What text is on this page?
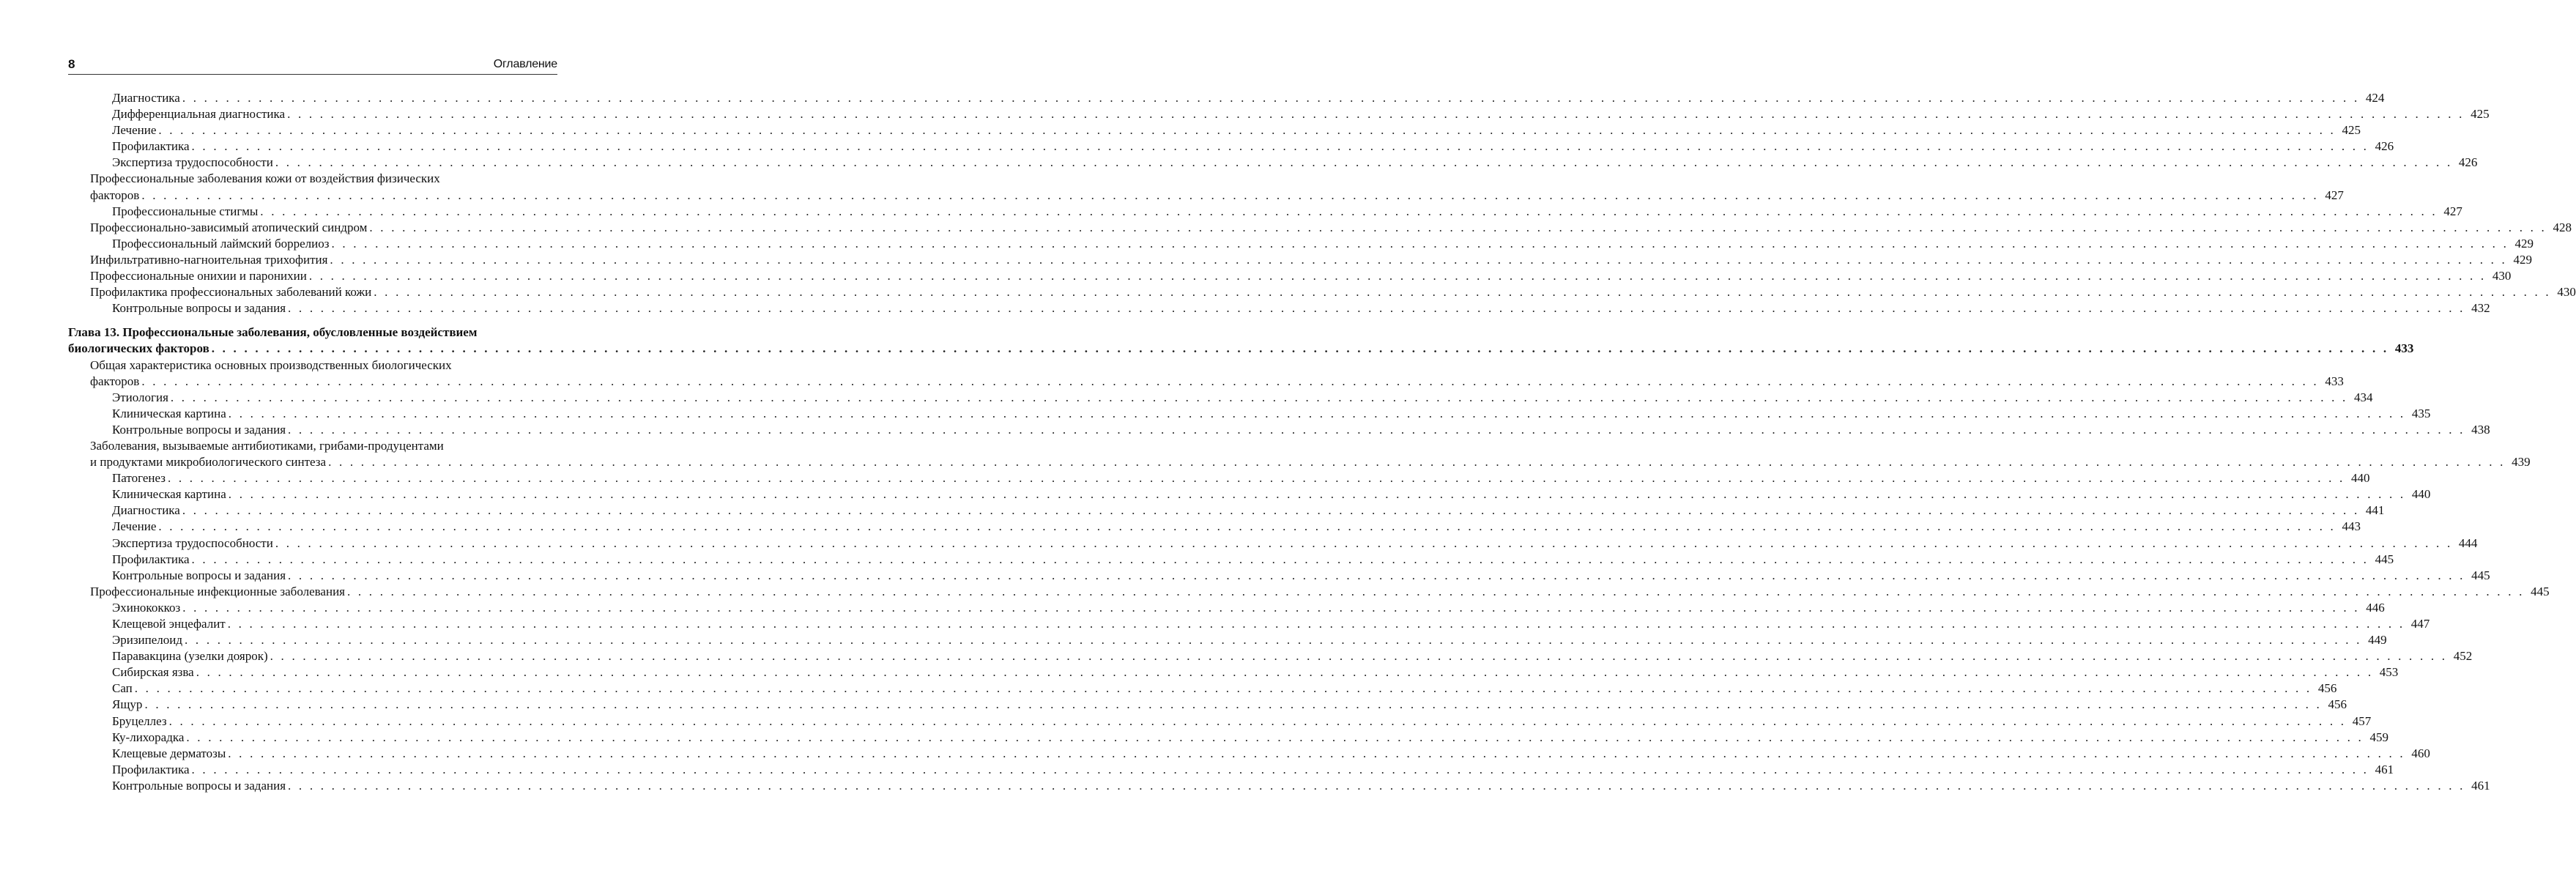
8	Оглавление
Диагностика . . . . . . . . . . . . . . . . . . . . . . . . . . . . . . . . . . . . . . . . . . . . . . . . . . . . . . . . . . . . . . . . . . . . . . . . . . . . . . . . . . . . . . . . . . . . . . . . . . . . . . . . . . . . . . . . . . . . . . . . . . . . . . . . . . . . . . . . . . . . . . . . . . . . . . . . . . . . . . . . . . . . . . . . . . . . . . . . . . . . . . . . . . . . . . . . . . . . . . . . 424
Дифференциальная диагностика . . . . . . . . . . . . . . . . . . . . . . . . . . . . . . . . . . . . . . . . . . . . . . . . . . . . . . . . . . . . . . . . . . . . . . . . . . . . . . . . . . . . . . . . . . . . . . . . . . . . . . . . . . . . . . . . . . . . . . . . . . . . . . . . . . . . . . . . . . . . . . . . . . . . . . . . . . . . . . . . . . . . . . . . . . . . . . . . . . . . . . . . . . . . . . . . . . . . . . . . 425
Лечение . . . . . . . . . . . . . . . . . . . . . . . . . . . . . . . . . . . . . . . . . . . . . . . . . . . . . . . . . . . . . . . . . . . . . . . . . . . . . . . . . . . . . . . . . . . . . . . . . . . . . . . . . . . . . . . . . . . . . . . . . . . . . . . . . . . . . . . . . . . . . . . . . . . . . . . . . . . . . . . . . . . . . . . . . . . . . . . . . . . . . . . . . . . . . . . . . . . . . . . . 425
Профилактика . . . . . . . . . . . . . . . . . . . . . . . . . . . . . . . . . . . . . . . . . . . . . . . . . . . . . . . . . . . . . . . . . . . . . . . . . . . . . . . . . . . . . . . . . . . . . . . . . . . . . . . . . . . . . . . . . . . . . . . . . . . . . . . . . . . . . . . . . . . . . . . . . . . . . . . . . . . . . . . . . . . . . . . . . . . . . . . . . . . . . . . . . . . . . . . . . . . . . . . . 426
Экспертиза трудоспособности . . . . . . . . . . . . . . . . . . . . . . . . . . . . . . . . . . . . . . . . . . . . . . . . . . . . . . . . . . . . . . . . . . . . . . . . . . . . . . . . . . . . . . . . . . . . . . . . . . . . . . . . . . . . . . . . . . . . . . . . . . . . . . . . . . . . . . . . . . . . . . . . . . . . . . . . . . . . . . . . . . . . . . . . . . . . . . . . . . . . . . . . . . . . . . . . . . . . . . . . 426
Профессиональные заболевания кожи от воздействия физических
факторов . . . . . . . . . . . . . . . . . . . . . . . . . . . . . . . . . . . . . . . . . . . . . . . . . . . . . . . . . . . . . . . . . . . . . . . . . . . . . . . . . . . . . . . . . . . . . . . . . . . . . . . . . . . . . . . . . . . . . . . . . . . . . . . . . . . . . . . . . . . . . . . . . . . . . . . . . . . . . . . . . . . . . . . . . . . . . . . . . . . . . . . . . . . . . . . . . . . . . . . . 427
Профессиональные стигмы . . . . . . . . . . . . . . . . . . . . . . . . . . . . . . . . . . . . . . . . . . . . . . . . . . . . . . . . . . . . . . . . . . . . . . . . . . . . . . . . . . . . . . . . . . . . . . . . . . . . . . . . . . . . . . . . . . . . . . . . . . . . . . . . . . . . . . . . . . . . . . . . . . . . . . . . . . . . . . . . . . . . . . . . . . . . . . . . . . . . . . . . . . . . . . . . . . . . . . . . 427
Профессионально-зависимый атопический синдром . . . . . . . . . . . . . . . . . . . . . . . . . . . . . . . . . . . . . . . . . . . . . . . . . . . . . . . . . . . . . . . . . . . . . . . . . . . . . . . . . . . . . . . . . . . . . . . . . . . . . . . . . . . . . . . . . . . . . . . . . . . . . . . . . . . . . . . . . . . . . . . . . . . . . . . . . . . . . . . . . . . . . . . . . . . . . . . . . . . . . . . . . . . . . . . . . . . . . . . . 428
Профессиональный лаймский боррелиоз . . . . . . . . . . . . . . . . . . . . . . . . . . . . . . . . . . . . . . . . . . . . . . . . . . . . . . . . . . . . . . . . . . . . . . . . . . . . . . . . . . . . . . . . . . . . . . . . . . . . . . . . . . . . . . . . . . . . . . . . . . . . . . . . . . . . . . . . . . . . . . . . . . . . . . . . . . . . . . . . . . . . . . . . . . . . . . . . . . . . . . . . . . . . . . . . . . . . . . . . 429
Инфильтративно-нагноительная трихофития . . . . . . . . . . . . . . . . . . . . . . . . . . . . . . . . . . . . . . . . . . . . . . . . . . . . . . . . . . . . . . . . . . . . . . . . . . . . . . . . . . . . . . . . . . . . . . . . . . . . . . . . . . . . . . . . . . . . . . . . . . . . . . . . . . . . . . . . . . . . . . . . . . . . . . . . . . . . . . . . . . . . . . . . . . . . . . . . . . . . . . . . . . . . . . . . . . . . . . . . 429
Профессиональные онихии и паронихии . . . . . . . . . . . . . . . . . . . . . . . . . . . . . . . . . . . . . . . . . . . . . . . . . . . . . . . . . . . . . . . . . . . . . . . . . . . . . . . . . . . . . . . . . . . . . . . . . . . . . . . . . . . . . . . . . . . . . . . . . . . . . . . . . . . . . . . . . . . . . . . . . . . . . . . . . . . . . . . . . . . . . . . . . . . . . . . . . . . . . . . . . . . . . . . . . . . . . . . . 430
Профилактика профессиональных заболеваний кожи . . . . . . . . . . . . . . . . . . . . . . . . . . . . . . . . . . . . . . . . . . . . . . . . . . . . . . . . . . . . . . . . . . . . . . . . . . . . . . . . . . . . . . . . . . . . . . . . . . . . . . . . . . . . . . . . . . . . . . . . . . . . . . . . . . . . . . . . . . . . . . . . . . . . . . . . . . . . . . . . . . . . . . . . . . . . . . . . . . . . . . . . . . . . . . . . . . . . . . . . 430
Контрольные вопросы и задания . . . . . . . . . . . . . . . . . . . . . . . . . . . . . . . . . . . . . . . . . . . . . . . . . . . . . . . . . . . . . . . . . . . . . . . . . . . . . . . . . . . . . . . . . . . . . . . . . . . . . . . . . . . . . . . . . . . . . . . . . . . . . . . . . . . . . . . . . . . . . . . . . . . . . . . . . . . . . . . . . . . . . . . . . . . . . . . . . . . . . . . . . . . . . . . . . . . . . . . . 432
Глава 13. Профессиональные заболевания, обусловленные воздействием
биологических факторов . . . . . . . . . . . . . . . . . . . . . . . . . . . . . . . . . . . . . . . . . . . . . . . . . . . . . . . . . . . . . . . . . . . . . . . . . . . . . . . . . . . . . . . . . . . . . . . . . . . . . . . . . . . . . . . . . . . . . . . . . . . . . . . . . . . . . . . . . . . . . . . . . . . . . . . . . . . . . . . . . . . . . . . . . . . . . . . . . . . . . . . . . . . . . . . . . . . . . . . . 433
Общая характеристика основных производственных биологических
факторов . . . . . . . . . . . . . . . . . . . . . . . . . . . . . . . . . . . . . . . . . . . . . . . . . . . . . . . . . . . . . . . . . . . . . . . . . . . . . . . . . . . . . . . . . . . . . . . . . . . . . . . . . . . . . . . . . . . . . . . . . . . . . . . . . . . . . . . . . . . . . . . . . . . . . . . . . . . . . . . . . . . . . . . . . . . . . . . . . . . . . . . . . . . . . . . . . . . . . . . . 433
Этиология . . . . . . . . . . . . . . . . . . . . . . . . . . . . . . . . . . . . . . . . . . . . . . . . . . . . . . . . . . . . . . . . . . . . . . . . . . . . . . . . . . . . . . . . . . . . . . . . . . . . . . . . . . . . . . . . . . . . . . . . . . . . . . . . . . . . . . . . . . . . . . . . . . . . . . . . . . . . . . . . . . . . . . . . . . . . . . . . . . . . . . . . . . . . . . . . . . . . . . . . 434
Клиническая картина . . . . . . . . . . . . . . . . . . . . . . . . . . . . . . . . . . . . . . . . . . . . . . . . . . . . . . . . . . . . . . . . . . . . . . . . . . . . . . . . . . . . . . . . . . . . . . . . . . . . . . . . . . . . . . . . . . . . . . . . . . . . . . . . . . . . . . . . . . . . . . . . . . . . . . . . . . . . . . . . . . . . . . . . . . . . . . . . . . . . . . . . . . . . . . . . . . . . . . . . 435
Контрольные вопросы и задания . . . . . . . . . . . . . . . . . . . . . . . . . . . . . . . . . . . . . . . . . . . . . . . . . . . . . . . . . . . . . . . . . . . . . . . . . . . . . . . . . . . . . . . . . . . . . . . . . . . . . . . . . . . . . . . . . . . . . . . . . . . . . . . . . . . . . . . . . . . . . . . . . . . . . . . . . . . . . . . . . . . . . . . . . . . . . . . . . . . . . . . . . . . . . . . . . . . . . . . . 438
Заболевания, вызываемые антибиотиками, грибами-продуцентами
и продуктами микробиологического синтеза . . . . . . . . . . . . . . . . . . . . . . . . . . . . . . . . . . . . . . . . . . . . . . . . . . . . . . . . . . . . . . . . . . . . . . . . . . . . . . . . . . . . . . . . . . . . . . . . . . . . . . . . . . . . . . . . . . . . . . . . . . . . . . . . . . . . . . . . . . . . . . . . . . . . . . . . . . . . . . . . . . . . . . . . . . . . . . . . . . . . . . . . . . . . . . . . . . . . . . . . 439
Патогенез . . . . . . . . . . . . . . . . . . . . . . . . . . . . . . . . . . . . . . . . . . . . . . . . . . . . . . . . . . . . . . . . . . . . . . . . . . . . . . . . . . . . . . . . . . . . . . . . . . . . . . . . . . . . . . . . . . . . . . . . . . . . . . . . . . . . . . . . . . . . . . . . . . . . . . . . . . . . . . . . . . . . . . . . . . . . . . . . . . . . . . . . . . . . . . . . . . . . . . . . 440
Клиническая картина . . . . . . . . . . . . . . . . . . . . . . . . . . . . . . . . . . . . . . . . . . . . . . . . . . . . . . . . . . . . . . . . . . . . . . . . . . . . . . . . . . . . . . . . . . . . . . . . . . . . . . . . . . . . . . . . . . . . . . . . . . . . . . . . . . . . . . . . . . . . . . . . . . . . . . . . . . . . . . . . . . . . . . . . . . . . . . . . . . . . . . . . . . . . . . . . . . . . . . . . 440
Диагностика . . . . . . . . . . . . . . . . . . . . . . . . . . . . . . . . . . . . . . . . . . . . . . . . . . . . . . . . . . . . . . . . . . . . . . . . . . . . . . . . . . . . . . . . . . . . . . . . . . . . . . . . . . . . . . . . . . . . . . . . . . . . . . . . . . . . . . . . . . . . . . . . . . . . . . . . . . . . . . . . . . . . . . . . . . . . . . . . . . . . . . . . . . . . . . . . . . . . . . . . 441
Лечение . . . . . . . . . . . . . . . . . . . . . . . . . . . . . . . . . . . . . . . . . . . . . . . . . . . . . . . . . . . . . . . . . . . . . . . . . . . . . . . . . . . . . . . . . . . . . . . . . . . . . . . . . . . . . . . . . . . . . . . . . . . . . . . . . . . . . . . . . . . . . . . . . . . . . . . . . . . . . . . . . . . . . . . . . . . . . . . . . . . . . . . . . . . . . . . . . . . . . . . . 443
Экспертиза трудоспособности . . . . . . . . . . . . . . . . . . . . . . . . . . . . . . . . . . . . . . . . . . . . . . . . . . . . . . . . . . . . . . . . . . . . . . . . . . . . . . . . . . . . . . . . . . . . . . . . . . . . . . . . . . . . . . . . . . . . . . . . . . . . . . . . . . . . . . . . . . . . . . . . . . . . . . . . . . . . . . . . . . . . . . . . . . . . . . . . . . . . . . . . . . . . . . . . . . . . . . . . 444
Профилактика . . . . . . . . . . . . . . . . . . . . . . . . . . . . . . . . . . . . . . . . . . . . . . . . . . . . . . . . . . . . . . . . . . . . . . . . . . . . . . . . . . . . . . . . . . . . . . . . . . . . . . . . . . . . . . . . . . . . . . . . . . . . . . . . . . . . . . . . . . . . . . . . . . . . . . . . . . . . . . . . . . . . . . . . . . . . . . . . . . . . . . . . . . . . . . . . . . . . . . . . 445
Контрольные вопросы и задания . . . . . . . . . . . . . . . . . . . . . . . . . . . . . . . . . . . . . . . . . . . . . . . . . . . . . . . . . . . . . . . . . . . . . . . . . . . . . . . . . . . . . . . . . . . . . . . . . . . . . . . . . . . . . . . . . . . . . . . . . . . . . . . . . . . . . . . . . . . . . . . . . . . . . . . . . . . . . . . . . . . . . . . . . . . . . . . . . . . . . . . . . . . . . . . . . . . . . . . . 445
Профессиональные инфекционные заболевания . . . . . . . . . . . . . . . . . . . . . . . . . . . . . . . . . . . . . . . . . . . . . . . . . . . . . . . . . . . . . . . . . . . . . . . . . . . . . . . . . . . . . . . . . . . . . . . . . . . . . . . . . . . . . . . . . . . . . . . . . . . . . . . . . . . . . . . . . . . . . . . . . . . . . . . . . . . . . . . . . . . . . . . . . . . . . . . . . . . . . . . . . . . . . . . . . . . . . . . . 445
Эхинококкоз . . . . . . . . . . . . . . . . . . . . . . . . . . . . . . . . . . . . . . . . . . . . . . . . . . . . . . . . . . . . . . . . . . . . . . . . . . . . . . . . . . . . . . . . . . . . . . . . . . . . . . . . . . . . . . . . . . . . . . . . . . . . . . . . . . . . . . . . . . . . . . . . . . . . . . . . . . . . . . . . . . . . . . . . . . . . . . . . . . . . . . . . . . . . . . . . . . . . . . . . 446
Клещевой энцефалит . . . . . . . . . . . . . . . . . . . . . . . . . . . . . . . . . . . . . . . . . . . . . . . . . . . . . . . . . . . . . . . . . . . . . . . . . . . . . . . . . . . . . . . . . . . . . . . . . . . . . . . . . . . . . . . . . . . . . . . . . . . . . . . . . . . . . . . . . . . . . . . . . . . . . . . . . . . . . . . . . . . . . . . . . . . . . . . . . . . . . . . . . . . . . . . . . . . . . . . . 447
Эризипелоид . . . . . . . . . . . . . . . . . . . . . . . . . . . . . . . . . . . . . . . . . . . . . . . . . . . . . . . . . . . . . . . . . . . . . . . . . . . . . . . . . . . . . . . . . . . . . . . . . . . . . . . . . . . . . . . . . . . . . . . . . . . . . . . . . . . . . . . . . . . . . . . . . . . . . . . . . . . . . . . . . . . . . . . . . . . . . . . . . . . . . . . . . . . . . . . . . . . . . . . . 449
Паравакцина (узелки доярок) . . . . . . . . . . . . . . . . . . . . . . . . . . . . . . . . . . . . . . . . . . . . . . . . . . . . . . . . . . . . . . . . . . . . . . . . . . . . . . . . . . . . . . . . . . . . . . . . . . . . . . . . . . . . . . . . . . . . . . . . . . . . . . . . . . . . . . . . . . . . . . . . . . . . . . . . . . . . . . . . . . . . . . . . . . . . . . . . . . . . . . . . . . . . . . . . . . . . . . . . 452
Сибирская язва . . . . . . . . . . . . . . . . . . . . . . . . . . . . . . . . . . . . . . . . . . . . . . . . . . . . . . . . . . . . . . . . . . . . . . . . . . . . . . . . . . . . . . . . . . . . . . . . . . . . . . . . . . . . . . . . . . . . . . . . . . . . . . . . . . . . . . . . . . . . . . . . . . . . . . . . . . . . . . . . . . . . . . . . . . . . . . . . . . . . . . . . . . . . . . . . . . . . . . . . 453
Сап . . . . . . . . . . . . . . . . . . . . . . . . . . . . . . . . . . . . . . . . . . . . . . . . . . . . . . . . . . . . . . . . . . . . . . . . . . . . . . . . . . . . . . . . . . . . . . . . . . . . . . . . . . . . . . . . . . . . . . . . . . . . . . . . . . . . . . . . . . . . . . . . . . . . . . . . . . . . . . . . . . . . . . . . . . . . . . . . . . . . . . . . . . . . . . . . . . . . . . . . 456
Ящур . . . . . . . . . . . . . . . . . . . . . . . . . . . . . . . . . . . . . . . . . . . . . . . . . . . . . . . . . . . . . . . . . . . . . . . . . . . . . . . . . . . . . . . . . . . . . . . . . . . . . . . . . . . . . . . . . . . . . . . . . . . . . . . . . . . . . . . . . . . . . . . . . . . . . . . . . . . . . . . . . . . . . . . . . . . . . . . . . . . . . . . . . . . . . . . . . . . . . . . . 456
Бруцеллез . . . . . . . . . . . . . . . . . . . . . . . . . . . . . . . . . . . . . . . . . . . . . . . . . . . . . . . . . . . . . . . . . . . . . . . . . . . . . . . . . . . . . . . . . . . . . . . . . . . . . . . . . . . . . . . . . . . . . . . . . . . . . . . . . . . . . . . . . . . . . . . . . . . . . . . . . . . . . . . . . . . . . . . . . . . . . . . . . . . . . . . . . . . . . . . . . . . . . . . . 457
Ку-лихорадка . . . . . . . . . . . . . . . . . . . . . . . . . . . . . . . . . . . . . . . . . . . . . . . . . . . . . . . . . . . . . . . . . . . . . . . . . . . . . . . . . . . . . . . . . . . . . . . . . . . . . . . . . . . . . . . . . . . . . . . . . . . . . . . . . . . . . . . . . . . . . . . . . . . . . . . . . . . . . . . . . . . . . . . . . . . . . . . . . . . . . . . . . . . . . . . . . . . . . . . . 459
Клещевые дерматозы . . . . . . . . . . . . . . . . . . . . . . . . . . . . . . . . . . . . . . . . . . . . . . . . . . . . . . . . . . . . . . . . . . . . . . . . . . . . . . . . . . . . . . . . . . . . . . . . . . . . . . . . . . . . . . . . . . . . . . . . . . . . . . . . . . . . . . . . . . . . . . . . . . . . . . . . . . . . . . . . . . . . . . . . . . . . . . . . . . . . . . . . . . . . . . . . . . . . . . . . 460
Профилактика . . . . . . . . . . . . . . . . . . . . . . . . . . . . . . . . . . . . . . . . . . . . . . . . . . . . . . . . . . . . . . . . . . . . . . . . . . . . . . . . . . . . . . . . . . . . . . . . . . . . . . . . . . . . . . . . . . . . . . . . . . . . . . . . . . . . . . . . . . . . . . . . . . . . . . . . . . . . . . . . . . . . . . . . . . . . . . . . . . . . . . . . . . . . . . . . . . . . . . . . 461
Контрольные вопросы и задания . . . . . . . . . . . . . . . . . . . . . . . . . . . . . . . . . . . . . . . . . . . . . . . . . . . . . . . . . . . . . . . . . . . . . . . . . . . . . . . . . . . . . . . . . . . . . . . . . . . . . . . . . . . . . . . . . . . . . . . . . . . . . . . . . . . . . . . . . . . . . . . . . . . . . . . . . . . . . . . . . . . . . . . . . . . . . . . . . . . . . . . . . . . . . . . . . . . . . . . . 461
